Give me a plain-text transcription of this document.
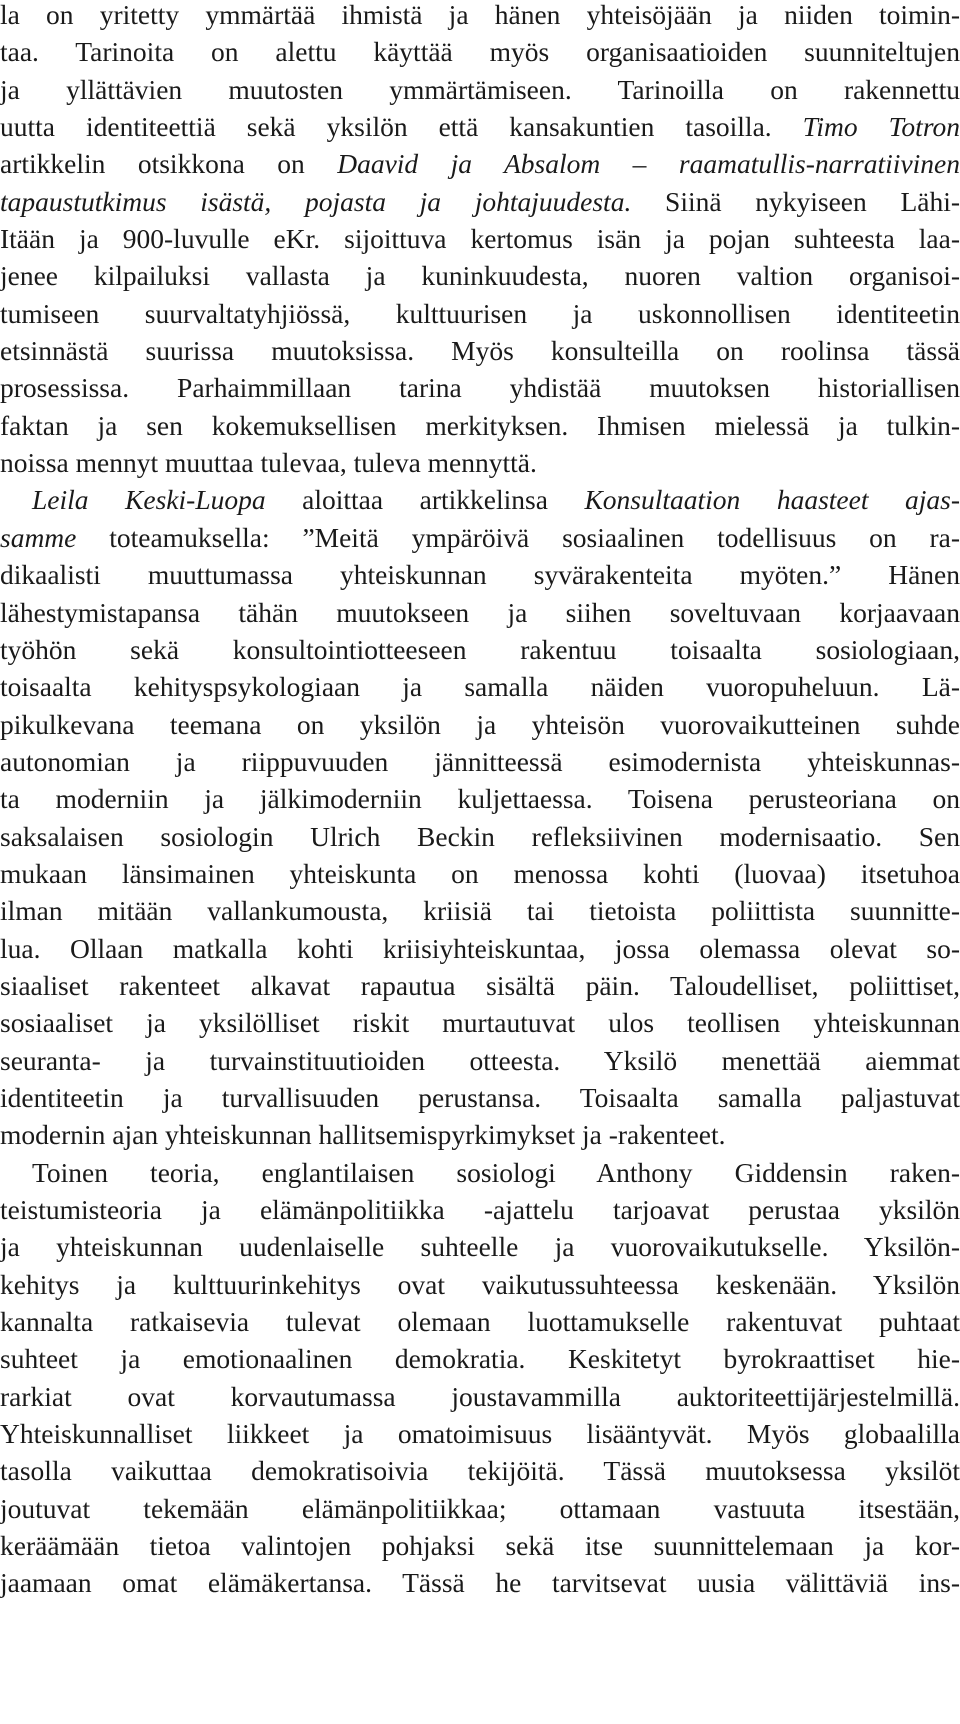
la on yritetty ymmärtää ihmistä ja hänen yhteisöjään ja niiden toimin-
taa. Tarinoita on alettu käyttää myös organisaatioiden suunniteltujen
ja yllättävien muutosten ymmärtämiseen. Tarinoilla on rakennettu
uutta identiteettiä sekä yksilön että kansakuntien tasoilla. Timo Totron
artikkelin otsikkona on Daavid ja Absalom – raamatullis-narratiivinen
tapaustutkimus isästä, pojasta ja johtajuudesta. Siinä nykyiseen Lähi-
Itään ja 900-luvulle eKr. sijoittuva kertomus isän ja pojan suhteesta laa-
jenee kilpailuksi vallasta ja kuninkuudesta, nuoren valtion organisoi-
tumiseen suurvaltatyhjiössä, kulttuurisen ja uskonnollisen identiteetin
etsinnästä suurissa muutoksissa. Myös konsulteilla on roolinsa tässä
prosessissa. Parhaimmillaan tarina yhdistää muutoksen historiallisen
faktan ja sen kokemuksellisen merkityksen. Ihmisen mielessä ja tulkin-
noissa mennyt muuttaa tulevaa, tuleva mennyttä.
Leila Keski-Luopa aloittaa artikkelinsa Konsultaation haasteet ajas-
samme toteamuksella: ”Meitä ympäröivä sosiaalinen todellisuus on ra-
dikaalisti muuttumassa yhteiskunnan syvärakenteita myöten.” Hänen
lähestymistapansa tähän muutokseen ja siihen soveltuvaan korjaavaan
työhön sekä konsultointiotteeseen rakentuu toisaalta sosiologiaan,
toisaalta kehityspsykologiaan ja samalla näiden vuoropuheluun. Lä-
pikulkevana teemana on yksilön ja yhteisön vuorovaikutteinen suhde
autonomian ja riippuvuuden jännitteessä esimodernista yhteiskunnas-
ta moderniin ja jälkimoderniin kuljettaessa. Toisena perusteoriana on
saksalaisen sosiologin Ulrich Beckin refleksiivinen modernisaatio. Sen
mukaan länsimainen yhteiskunta on menossa kohti (luovaa) itsetuhoa
ilman mitään vallankumousta, kriisiä tai tietoista poliittista suunnitte-
lua. Ollaan matkalla kohti kriisiyhteiskuntaa, jossa olemassa olevat so-
siaaliset rakenteet alkavat rapautua sisältä päin. Taloudelliset, poliittiset,
sosiaaliset ja yksilölliset riskit murtautuvat ulos teollisen yhteiskunnan
seuranta- ja turvainstituutioiden otteesta. Yksilö menettää aiemmat
identiteetin ja turvallisuuden perustansa. Toisaalta samalla paljastuvat
modernin ajan yhteiskunnan hallitsemispyrkimykset ja -rakenteet.
Toinen teoria, englantilaisen sosiologi Anthony Giddensin raken-
teistumisteoria ja elämänpolitiikka -ajattelu tarjoavat perustaa yksilön
ja yhteiskunnan uudenlaiselle suhteelle ja vuorovaikutukselle. Yksilön-
kehitys ja kulttuurinkehitys ovat vaikutussuhteessa keskenään. Yksilön
kannalta ratkaisevia tulevat olemaan luottamukselle rakentuvat puhtaat
suhteet ja emotionaalinen demokratia. Keskitetyt byrokraattiset hie-
rarkiat ovat korvautumassa joustavammilla auktoriteettijärjestelmillä.
Yhteiskunnalliset liikkeet ja omatoimisuus lisääntyvät. Myös globaalilla
tasolla vaikuttaa demokratisoivia tekijöitä. Tässä muutoksessa yksilöt
joutuvat tekemään elämänpolitiikkaa; ottamaan vastuuta itsestään,
keräämään tietoa valintojen pohjaksi sekä itse suunnittelemaan ja kor-
jaamaan omat elämäkertansa. Tässä he tarvitsevat uusia välittäviä ins-
